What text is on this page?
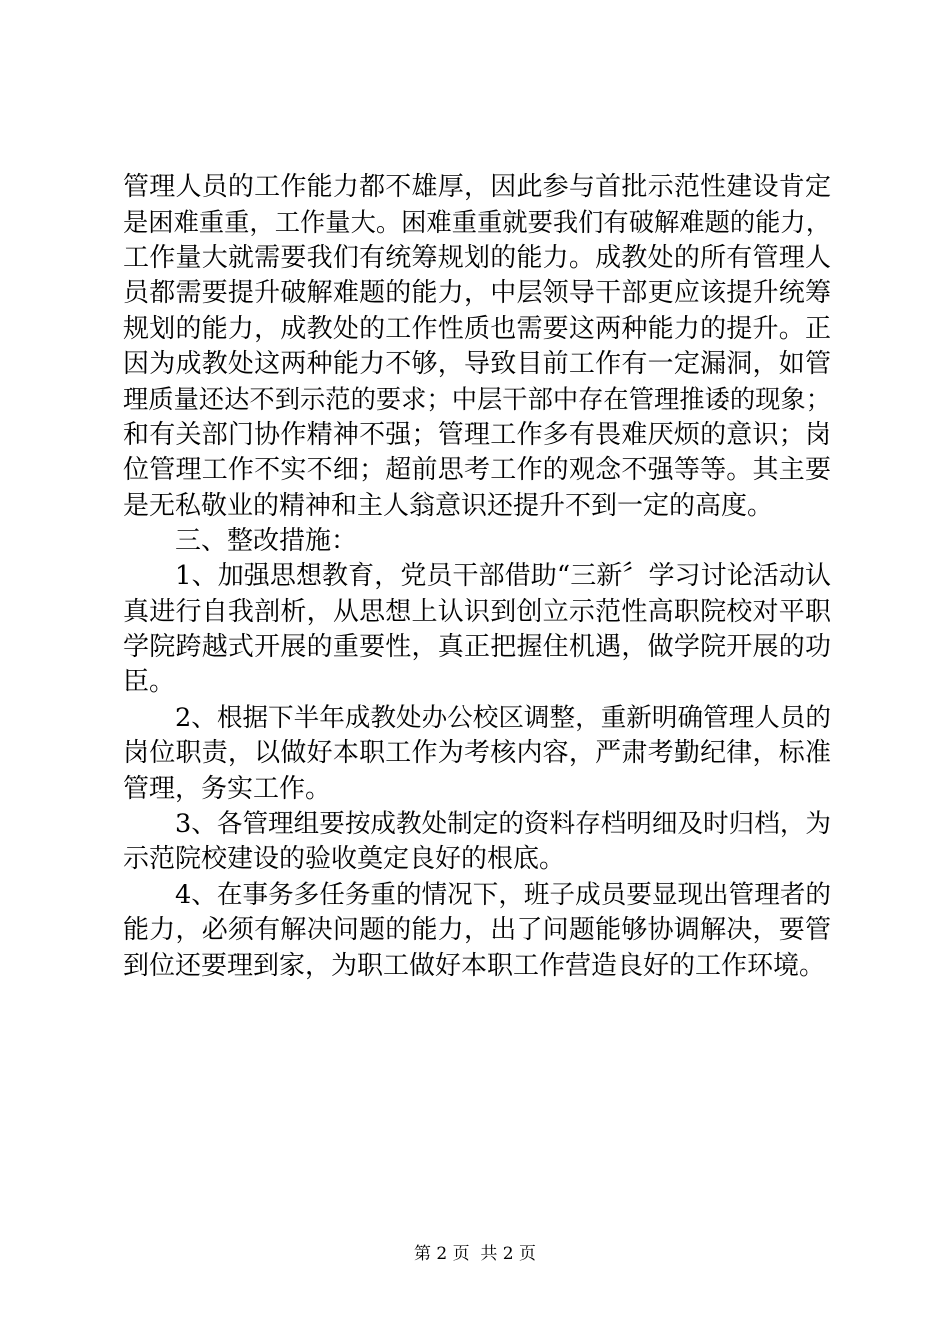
管理人员的工作能力都不雄厚，因此参与首批示范性建设肯定
是困难重重，工作量大。困难重重就要我们有破解难题的能力，
工作量大就需要我们有统筹规划的能力。成教处的所有管理人
员都需要提升破解难题的能力，中层领导干部更应该提升统筹
规划的能力，成教处的工作性质也需要这两种能力的提升。正
因为成教处这两种能力不够，导致目前工作有一定漏洞，如管
理质量还达不到示范的要求；中层干部中存在管理推诿的现象；
和有关部门协作精神不强；管理工作多有畏难厌烦的意识；岗
位管理工作不实不细；超前思考工作的观念不强等等。其主要
是无私敬业的精神和主人翁意识还提升不到一定的高度。
三、整改措施：
1、加强思想教育，党员干部借助“三新〞学习讨论活动认
真进行自我剖析，从思想上认识到创立示范性高职院校对平职
学院跨越式开展的重要性，真正把握住机遇，做学院开展的功
臣。
2、根据下半年成教处办公校区调整，重新明确管理人员的
岗位职责，以做好本职工作为考核内容，严肃考勤纪律，标准
管理，务实工作。
3、各管理组要按成教处制定的资料存档明细及时归档，为
示范院校建设的验收奠定良好的根底。
4、在事务多任务重的情况下，班子成员要显现出管理者的
能力，必须有解决问题的能力，出了问题能够协调解决，要管
到位还要理到家，为职工做好本职工作营造良好的工作环境。
第 2 页  共 2 页
